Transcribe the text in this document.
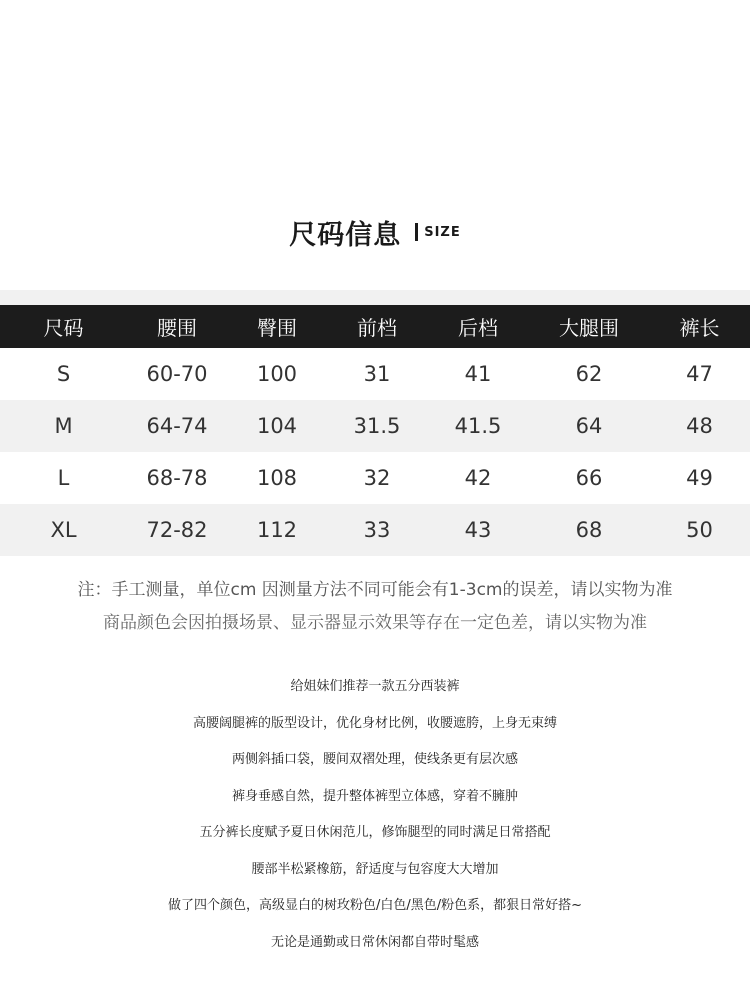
尺码信息 SIZE
尺码	腰围	臀围	前档	后档	大腿围	裤长
S	60-70	100	31	41	62	47
M	64-74	104	31.5	41.5	64	48
L	68-78	108	32	42	66	49
XL	72-82	112	33	43	68	50
注：手工测量，单位cm 因测量方法不同可能会有1-3cm的误差，请以实物为准
商品颜色会因拍摄场景、显示器显示效果等存在一定色差，请以实物为准
给姐妹们推荐一款五分西装裤
高腰阔腿裤的版型设计，优化身材比例，收腰遮胯，上身无束缚
两侧斜插口袋，腰间双褶处理，使线条更有层次感
裤身垂感自然，提升整体裤型立体感，穿着不臃肿
五分裤长度赋予夏日休闲范儿，修饰腿型的同时满足日常搭配
腰部半松紧橡筋，舒适度与包容度大大增加
做了四个颜色，高级显白的树玫粉色/白色/黑色/粉色系，都狠日常好搭~
无论是通勤或日常休闲都自带时髦感
